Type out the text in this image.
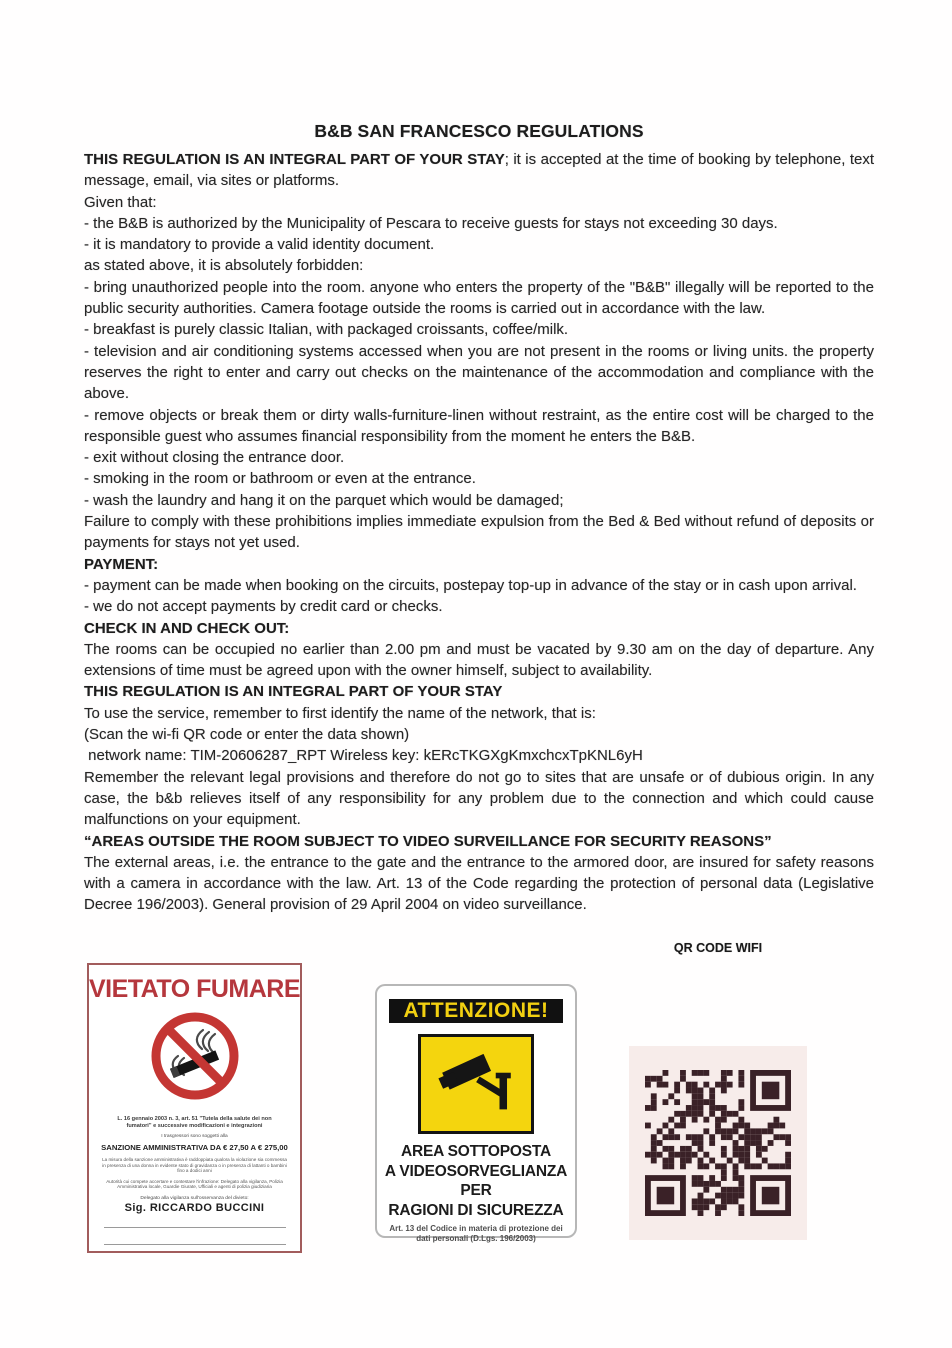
B&B SAN FRANCESCO REGULATIONS

THIS REGULATION IS AN INTEGRAL PART OF YOUR STAY; it is accepted at the time of booking by telephone, text message, email, via sites or platforms.

Given that:

- the B&B is authorized by the Municipality of Pescara to receive guests for stays not exceeding 30 days.

- it is mandatory to provide a valid identity document.

as stated above, it is absolutely forbidden:

- bring unauthorized people into the room. anyone who enters the property of the "B&B" illegally will be reported to the public security authorities. Camera footage outside the rooms is carried out in accordance with the law.

- breakfast is purely classic Italian, with packaged croissants, coffee/milk.

- television and air conditioning systems accessed when you are not present in the rooms or living units. the property reserves the right to enter and carry out checks on the maintenance of the accommodation and compliance with the above.

- remove objects or break them or dirty walls-furniture-linen without restraint, as the entire cost will be charged to the responsible guest who assumes financial responsibility from the moment he enters the B&B.

- exit without closing the entrance door.

- smoking in the room or bathroom or even at the entrance.

- wash the laundry and hang it on the parquet which would be damaged;

Failure to comply with these prohibitions implies immediate expulsion from the Bed & Bed without refund of deposits or payments for stays not yet used.

PAYMENT:

- payment can be made when booking on the circuits, postepay top-up in advance of the stay or in cash upon arrival.

- we do not accept payments by credit card or checks.

CHECK IN AND CHECK OUT:

The rooms can be occupied no earlier than 2.00 pm and must be vacated by 9.30 am on the day of departure. Any extensions of time must be agreed upon with the owner himself, subject to availability.

THIS REGULATION IS AN INTEGRAL PART OF YOUR STAY

To use the service, remember to first identify the name of the network, that is:

(Scan the wi-fi QR code or enter the data shown)

network name: TIM-20606287_RPT Wireless key: kERcTKGXgKmxchcxTpKNL6yH

Remember the relevant legal provisions and therefore do not go to sites that are unsafe or of dubious origin. In any case, the b&b relieves itself of any responsibility for any problem due to the connection and which could cause malfunctions on your equipment.

“AREAS OUTSIDE THE ROOM SUBJECT TO VIDEO SURVEILLANCE FOR SECURITY REASONS”

The external areas, i.e. the entrance to the gate and the entrance to the armored door, are insured for safety reasons with a camera in accordance with the law. Art. 13 of the Code regarding the protection of personal data (Legislative Decree 196/2003). General provision of 29 April 2004 on video surveillance.

QR CODE WIFI
VIETATO FUMARE
L. 16 gennaio 2003 n. 3, art. 51 "Tutela della salute dei non fumatori" e successive modificazioni e integrazioni
I trasgressori sono soggetti alla
SANZIONE AMMINISTRATIVA DA € 27,50 A € 275,00
La misura della sanzione amministrativa è raddoppiata qualora la violazione sia commessa in presenza di una donna in evidente stato di gravidanza o in presenza di lattanti o bambini fino a dodici anni
Autorità cui compete accertare e contestare l'infrazione: Delegato alla vigilanza, Polizia Amministrativa locale, Guardie Giurate, Ufficiali e agenti di polizia giudiziaria
Delegato alla vigilanza sull'osservanza del divieto:
Sig. RICCARDO BUCCINI
ATTENZIONE!
AREA SOTTOPOSTA
A VIDEOSORVEGLIANZA
PER
RAGIONI DI SICUREZZA
Art. 13 del Codice in materia di protezione dei dati personali (D.Lgs. 196/2003)
